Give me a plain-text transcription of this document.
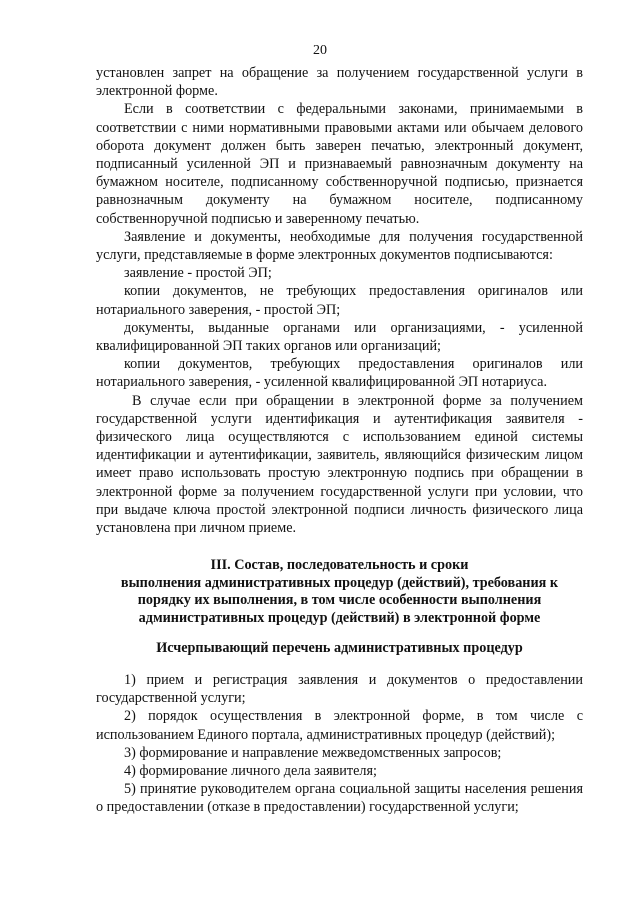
20

установлен запрет на обращение за получением государственной услуги в электронной форме.

Если в соответствии с федеральными законами, принимаемыми в соответствии с ними нормативными правовыми актами или обычаем делового оборота документ должен быть заверен печатью, электронный документ, подписанный усиленной ЭП и признаваемый равнозначным документу на бумажном носителе, подписанному собственноручной подписью, признается равнозначным документу на бумажном носителе, подписанному собственноручной подписью и заверенному печатью.

Заявление и документы, необходимые для получения государственной услуги, представляемые в форме электронных документов подписываются:

заявление - простой ЭП;

копии документов, не требующих предоставления оригиналов или нотариального заверения, - простой ЭП;

документы, выданные органами или организациями, - усиленной квалифицированной ЭП таких органов или организаций;

копии документов, требующих предоставления оригиналов или нотариального заверения, - усиленной квалифицированной ЭП нотариуса.

В случае если при обращении в электронной форме за получением государственной услуги идентификация и аутентификация заявителя - физического лица осуществляются с использованием единой системы идентификации и аутентификации, заявитель, являющийся физическим лицом имеет право использовать простую электронную подпись при обращении в электронной форме за получением государственной услуги при условии, что при выдаче ключа простой электронной подписи личность физического лица установлена при личном приеме.

III. Состав, последовательность и сроки

выполнения административных процедур (действий), требования к порядку их выполнения, в том числе особенности выполнения административных процедур (действий) в электронной форме

Исчерпывающий перечень административных процедур

1) прием и регистрация заявления и документов о предоставлении государственной услуги;

2) порядок осуществления в электронной форме, в том числе с использованием Единого портала, административных процедур (действий);

3) формирование и направление межведомственных запросов;

4) формирование личного дела заявителя;

5) принятие руководителем органа социальной защиты населения решения о предоставлении (отказе в предоставлении) государственной услуги;
